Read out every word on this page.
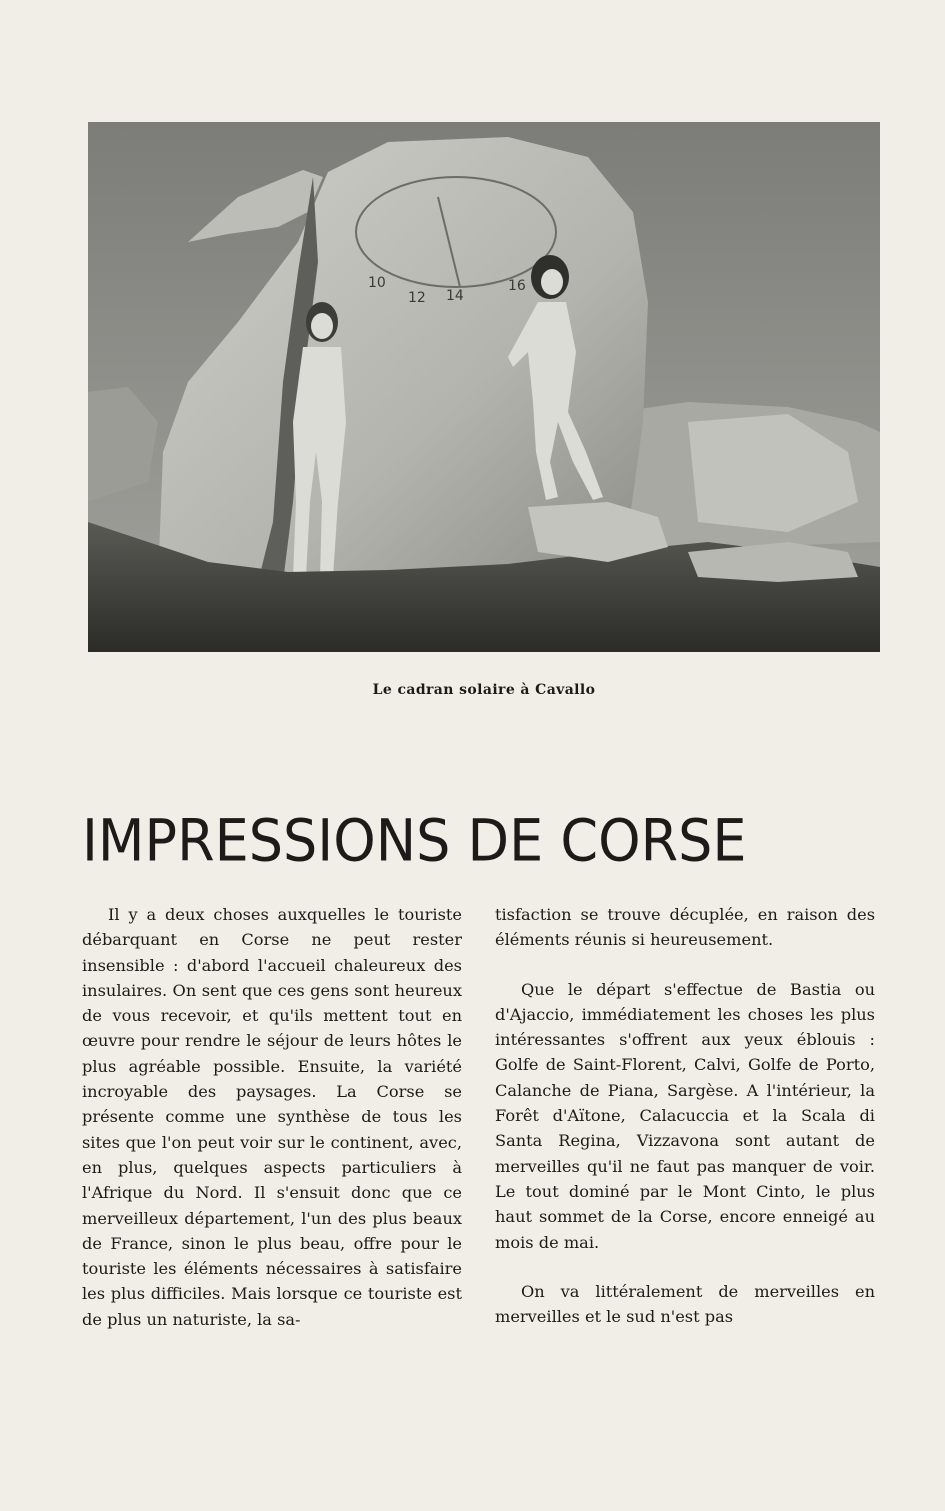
10
12 14
16
Le cadran solaire à Cavallo
IMPRESSIONS DE CORSE

Il y a deux choses auxquelles le touriste débarquant en Corse ne peut rester insensible : d'abord l'accueil chaleureux des insulaires. On sent que ces gens sont heureux de vous recevoir, et qu'ils mettent tout en œuvre pour rendre le séjour de leurs hôtes le plus agréable possible. Ensuite, la variété incroyable des paysages. La Corse se présente comme une synthèse de tous les sites que l'on peut voir sur le continent, avec, en plus, quelques aspects particuliers à l'Afrique du Nord. Il s'ensuit donc que ce merveilleux département, l'un des plus beaux de France, sinon le plus beau, offre pour le touriste les éléments nécessaires à satisfaire les plus difficiles. Mais lorsque ce touriste est de plus un naturiste, la sa-

tisfaction se trouve décuplée, en raison des éléments réunis si heureusement.

Que le départ s'effectue de Bastia ou d'Ajaccio, immédiatement les choses les plus intéressantes s'offrent aux yeux éblouis : Golfe de Saint-Florent, Calvi, Golfe de Porto, Calanche de Piana, Sargèse. A l'intérieur, la Forêt d'Aïtone, Calacuccia et la Scala di Santa Regina, Vizzavona sont autant de merveilles qu'il ne faut pas manquer de voir. Le tout dominé par le Mont Cinto, le plus haut sommet de la Corse, encore enneigé au mois de mai.

On va littéralement de merveilles en merveilles et le sud n'est pas
